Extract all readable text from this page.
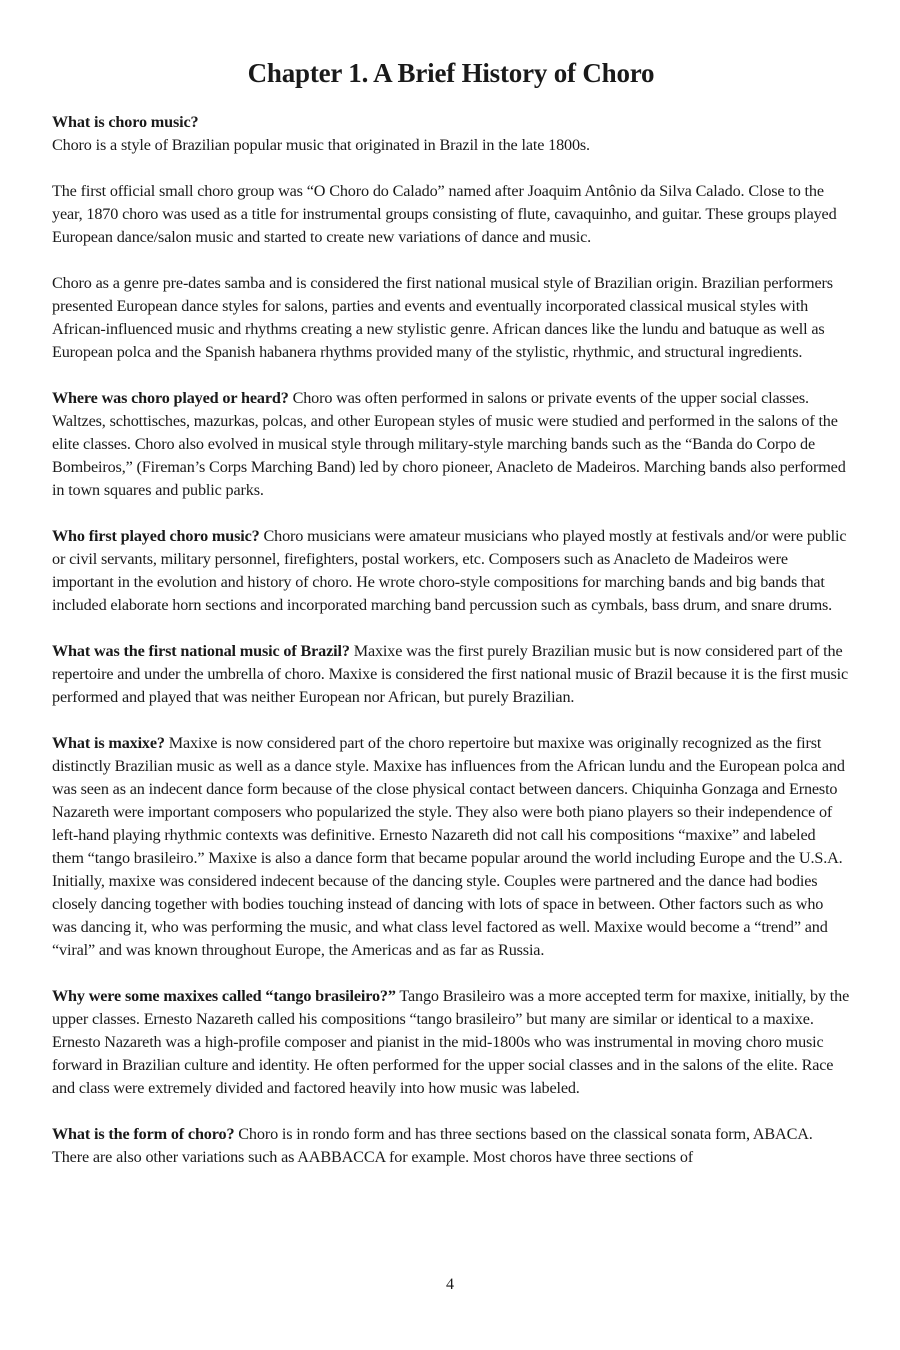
Chapter 1. A Brief History of Choro

What is choro music?
Choro is a style of Brazilian popular music that originated in Brazil in the late 1800s.

The first official small choro group was “O Choro do Calado” named after Joaquim Antônio da Silva Calado. Close to the year, 1870 choro was used as a title for instrumental groups consisting of flute, cavaquinho, and guitar. These groups played European dance/salon music and started to create new variations of dance and music.

Choro as a genre pre-dates samba and is considered the first national musical style of Brazilian origin. Brazilian performers presented European dance styles for salons, parties and events and eventually incorporated classical musical styles with African-influenced music and rhythms creating a new stylistic genre. African dances like the lundu and batuque as well as European polca and the Spanish habanera rhythms provided many of the stylistic, rhythmic, and structural ingredients.

Where was choro played or heard? Choro was often performed in salons or private events of the upper social classes. Waltzes, schottisches, mazurkas, polcas, and other European styles of music were studied and performed in the salons of the elite classes. Choro also evolved in musical style through military-style marching bands such as the “Banda do Corpo de Bombeiros,” (Fireman’s Corps Marching Band) led by choro pioneer, Anacleto de Madeiros. Marching bands also performed in town squares and public parks.

Who first played choro music? Choro musicians were amateur musicians who played mostly at festivals and/or were public or civil servants, military personnel, firefighters, postal workers, etc. Composers such as Anacleto de Madeiros were important in the evolution and history of choro. He wrote choro-style compositions for marching bands and big bands that included elaborate horn sections and incorporated marching band percussion such as cymbals, bass drum, and snare drums.

What was the first national music of Brazil? Maxixe was the first purely Brazilian music but is now considered part of the repertoire and under the umbrella of choro. Maxixe is considered the first national music of Brazil because it is the first music performed and played that was neither European nor African, but purely Brazilian.

What is maxixe? Maxixe is now considered part of the choro repertoire but maxixe was originally recognized as the first distinctly Brazilian music as well as a dance style. Maxixe has influences from the African lundu and the European polca and was seen as an indecent dance form because of the close physical contact between dancers. Chiquinha Gonzaga and Ernesto Nazareth were important composers who popularized the style. They also were both piano players so their independence of left-hand playing rhythmic contexts was definitive. Ernesto Nazareth did not call his compositions “maxixe” and labeled them “tango brasileiro.” Maxixe is also a dance form that became popular around the world including Europe and the U.S.A. Initially, maxixe was considered indecent because of the dancing style. Couples were partnered and the dance had bodies closely dancing together with bodies touching instead of dancing with lots of space in between. Other factors such as who was dancing it, who was performing the music, and what class level factored as well. Maxixe would become a “trend” and “viral” and was known throughout Europe, the Americas and as far as Russia.

Why were some maxixes called “tango brasileiro?” Tango Brasileiro was a more accepted term for maxixe, initially, by the upper classes. Ernesto Nazareth called his compositions “tango brasileiro” but many are similar or identical to a maxixe. Ernesto Nazareth was a high-profile composer and pianist in the mid-1800s who was instrumental in moving choro music forward in Brazilian culture and identity. He often performed for the upper social classes and in the salons of the elite. Race and class were extremely divided and factored heavily into how music was labeled.

What is the form of choro? Choro is in rondo form and has three sections based on the classical sonata form, ABACA. There are also other variations such as AABBACCA for example. Most choros have three sections of

4
